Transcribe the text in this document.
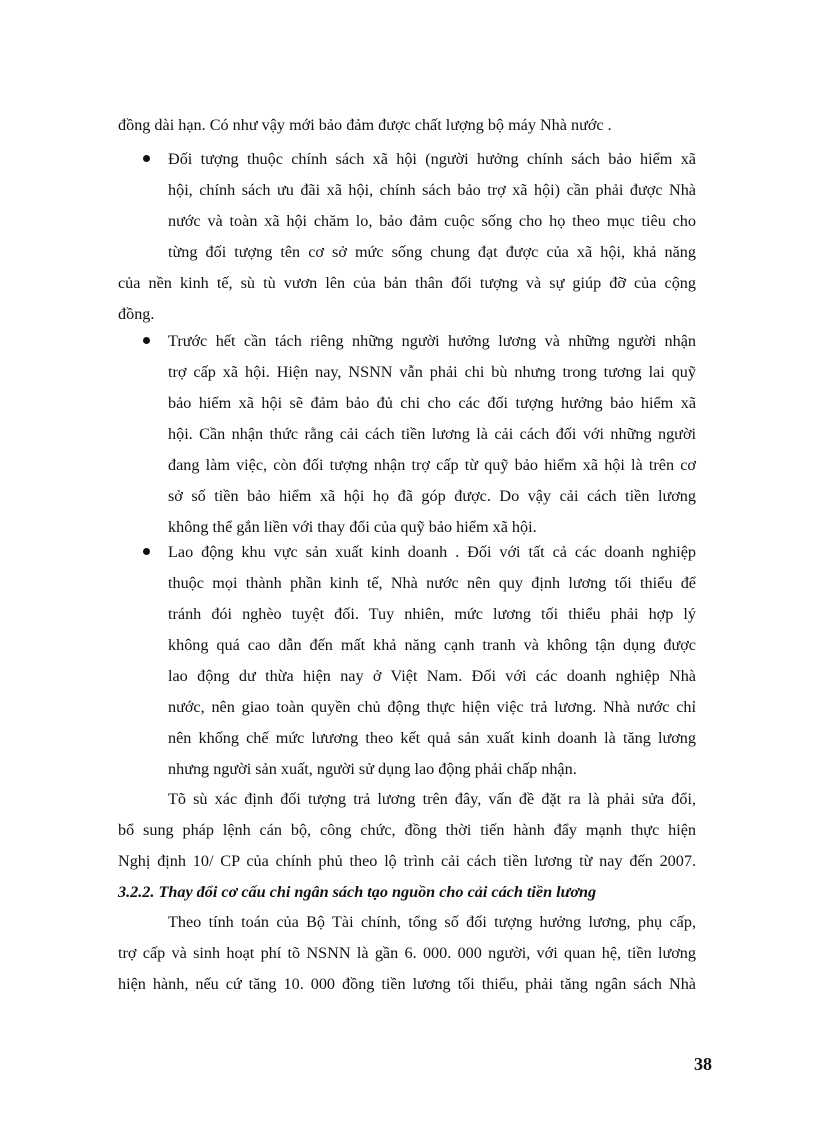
đồng dài hạn. Có như vậy mới bảo đảm được chất lượng bộ máy Nhà nước .
Đối tượng thuộc chính sách xã hội (người hưởng chính sách bảo hiểm xã
hội, chính sách ưu đãi xã hội, chính sách bảo trợ xã hội) cần phải được Nhà
nước và toàn xã hội chăm lo, bảo đảm cuộc sống cho họ theo mục tiêu cho
từng đối tượng tên cơ sở mức sống chung đạt được của xã hội, khả năng
của nền kinh tế, sù tù vươn lên của bản thân đối tượng và sự giúp đỡ của cộng
đồng.
Trước hết cần tách riêng những người hưởng lương và những người nhận
trợ cấp xã hội. Hiện nay, NSNN vẫn phải chi bù nhưng trong tương lai quỹ
bảo hiểm xã hội sẽ đảm bảo đủ chi cho các đối tượng hưởng bảo hiểm xã
hội. Cần nhận thức rằng cải cách tiền lương là cải cách đối với những người
đang làm việc, còn đối tượng nhận trợ cấp từ quỹ bảo hiểm xã hội là trên cơ
sở số tiền bảo hiểm xã hội họ đã góp được. Do vậy cải cách tiền lương
không thể gắn liền với thay đổi của quỹ bảo hiểm xã hội.
Lao động khu vực sản xuất kinh doanh . Đối với tất cả các doanh nghiệp
thuộc mọi thành phần kinh tế, Nhà nước nên quy định lương tối thiểu để
tránh đói nghèo tuyệt đối. Tuy nhiên, mức lương tối thiểu phải hợp lý
không quá cao dẫn đến mất khả năng cạnh tranh và không tận dụng được
lao động dư thừa hiện nay ở Việt Nam. Đối với các doanh nghiệp Nhà
nước, nên giao toàn quyền chủ động thực hiện việc trả lương. Nhà nước chỉ
nên khống chế mức lưương theo kết quả sản xuất kinh doanh là tăng lương
nhưng người sản xuất, người sử dụng lao động phải chấp nhận.
Tõ sù xác định đối tượng trả lương trên đây, vấn đề đặt ra là phải sửa đổi,
bổ sung pháp lệnh cán bộ, công chức, đồng thời tiến hành đẩy mạnh thực hiện
Nghị định 10/ CP của chính phủ theo lộ trình cải cách tiền lương từ nay đến 2007.
3.2.2. Thay đổi cơ cấu chi ngân sách tạo nguồn cho cải cách tiền lương
Theo tính toán của Bộ Tài chính, tổng số đối tượng hưởng lương, phụ cấp,
trợ cấp và sinh hoạt phí tõ NSNN là gần 6. 000. 000 người, với quan hệ, tiền lương
hiện hành, nếu cứ tăng 10. 000 đồng tiền lương tối thiểu, phải tăng ngân sách Nhà
38
